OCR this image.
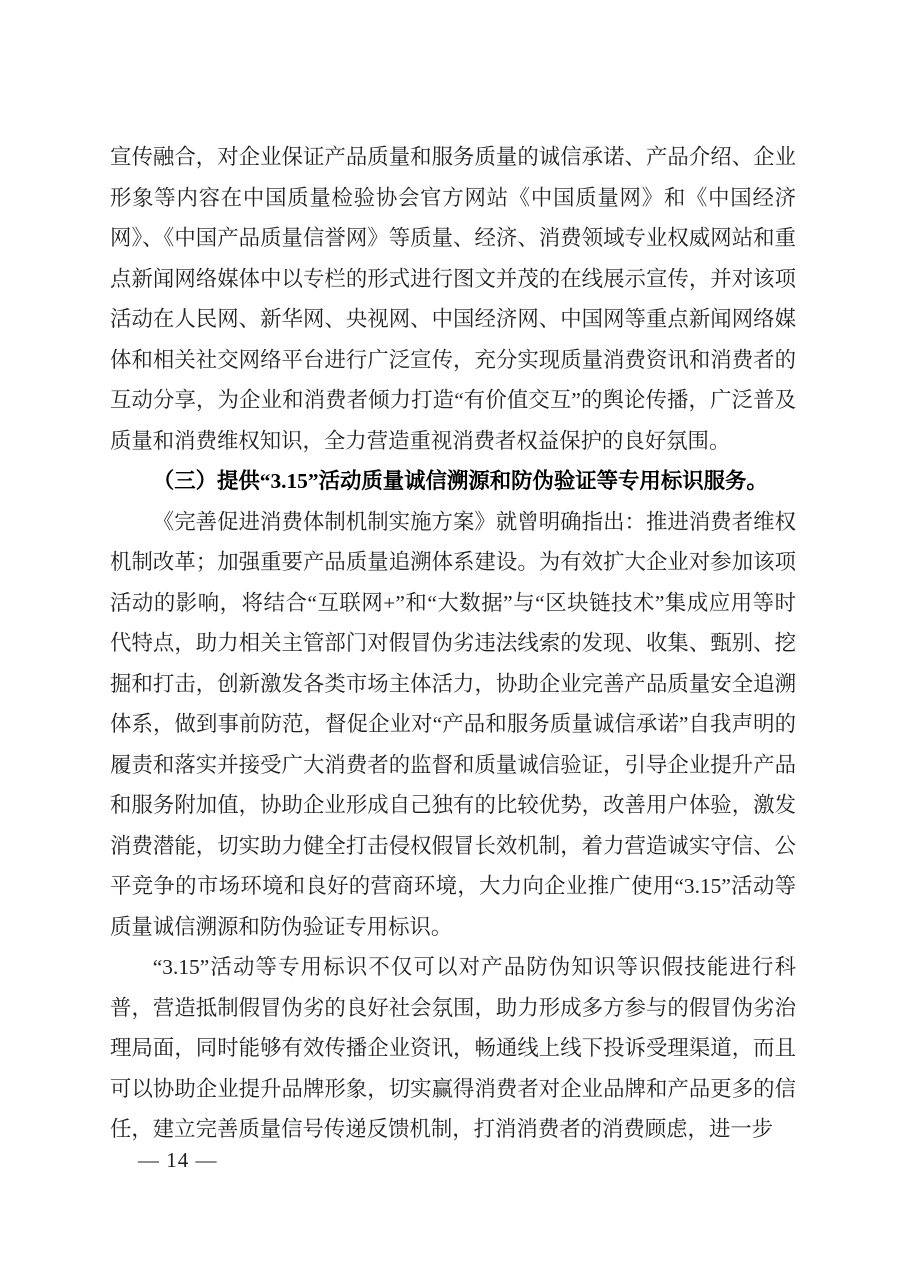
宣传融合，对企业保证产品质量和服务质量的诚信承诺、产品介绍、企业形象等内容在中国质量检验协会官方网站《中国质量网》和《中国经济网》、《中国产品质量信誉网》等质量、经济、消费领域专业权威网站和重点新闻网络媒体中以专栏的形式进行图文并茂的在线展示宣传，并对该项活动在人民网、新华网、央视网、中国经济网、中国网等重点新闻网络媒体和相关社交网络平台进行广泛宣传，充分实现质量消费资讯和消费者的互动分享，为企业和消费者倾力打造“有价值交互”的舆论传播，广泛普及质量和消费维权知识，全力营造重视消费者权益保护的良好氛围。

（三）提供“3.15”活动质量诚信溯源和防伪验证等专用标识服务。

《完善促进消费体制机制实施方案》就曾明确指出：推进消费者维权机制改革；加强重要产品质量追溯体系建设。为有效扩大企业对参加该项活动的影响，将结合“互联网+”和“大数据”与“区块链技术”集成应用等时代特点，助力相关主管部门对假冒伪劣违法线索的发现、收集、甄别、挖掘和打击，创新激发各类市场主体活力，协助企业完善产品质量安全追溯体系，做到事前防范，督促企业对“产品和服务质量诚信承诺”自我声明的履责和落实并接受广大消费者的监督和质量诚信验证，引导企业提升产品和服务附加值，协助企业形成自己独有的比较优势，改善用户体验，激发消费潜能，切实助力健全打击侵权假冒长效机制，着力营造诚实守信、公平竞争的市场环境和良好的营商环境，大力向企业推广使用“3.15”活动等质量诚信溯源和防伪验证专用标识。

“3.15”活动等专用标识不仅可以对产品防伪知识等识假技能进行科普，营造抵制假冒伪劣的良好社会氛围，助力形成多方参与的假冒伪劣治理局面，同时能够有效传播企业资讯，畅通线上线下投诉受理渠道，而且可以协助企业提升品牌形象，切实赢得消费者对企业品牌和产品更多的信任，建立完善质量信号传递反馈机制，打消消费者的消费顾虑，进一步

— 14 —
